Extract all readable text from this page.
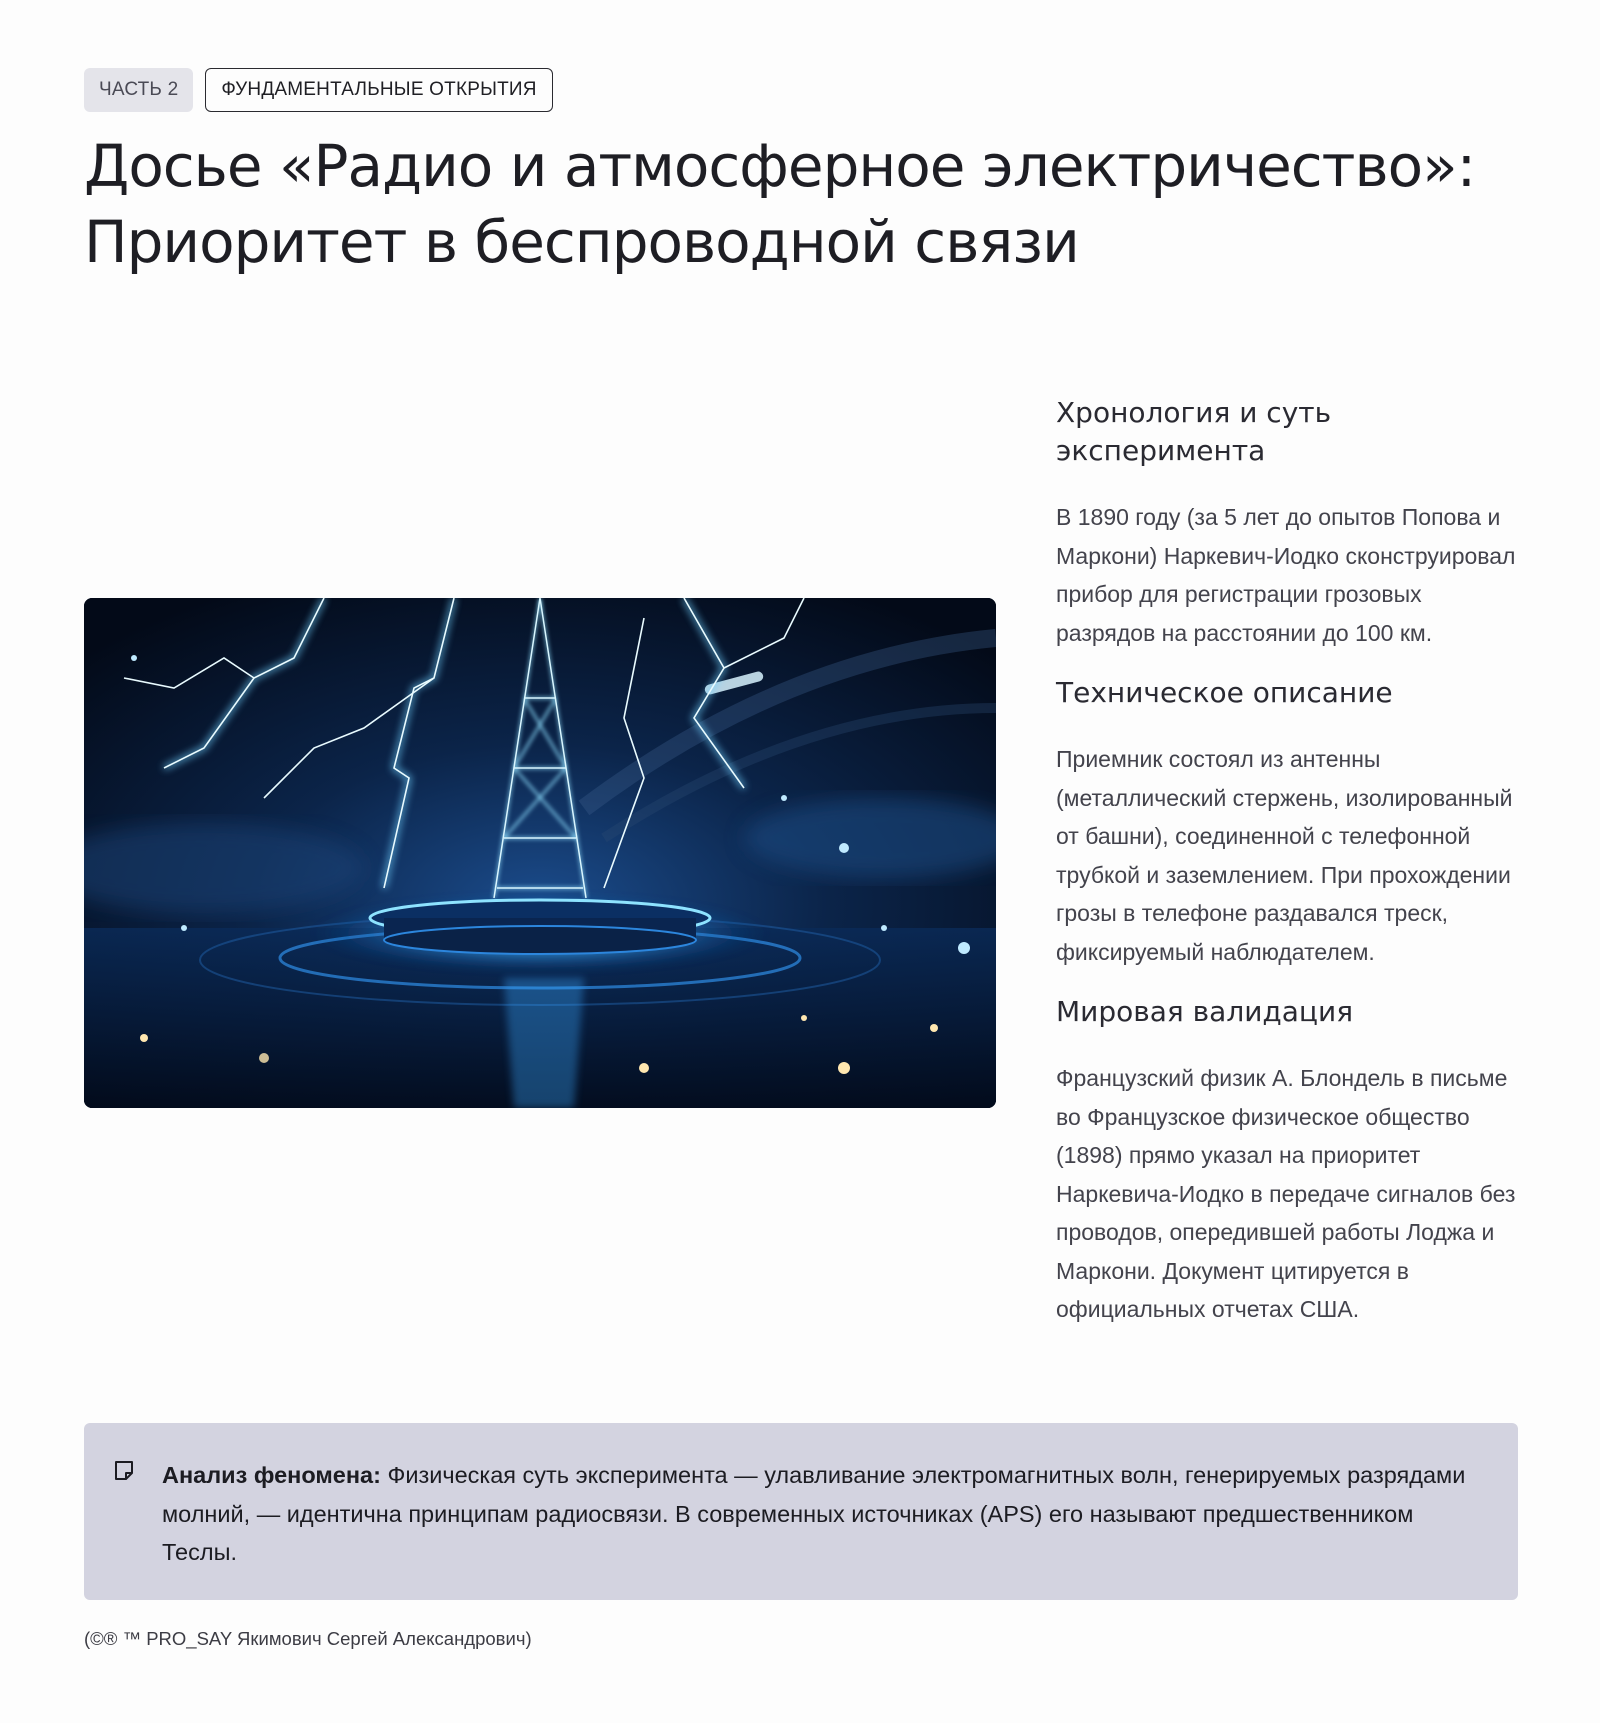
ЧАСТЬ 2	ФУНДАМЕНТАЛЬНЫЕ ОТКРЫТИЯ
Досье «Радио и атмосферное электричество»:
Приоритет в беспроводной связи
Хронология и суть эксперимента

В 1890 году (за 5 лет до опытов Попова и Маркони) Наркевич-Иодко сконструировал прибор для регистрации грозовых разрядов на расстоянии до 100 км.

Техническое описание

Приемник состоял из антенны (металлический стержень, изолированный от башни), соединенной с телефонной трубкой и заземлением. При прохождении грозы в телефоне раздавался треск, фиксируемый наблюдателем.

Мировая валидация

Французский физик А. Блондель в письме во Французское физическое общество (1898) прямо указал на приоритет Наркевича-Иодко в передаче сигналов без проводов, опередившей работы Лоджа и Маркони. Документ цитируется в официальных отчетах США.

Анализ феномена: Физическая суть эксперимента — улавливание электромагнитных волн, генерируемых разрядами молний, — идентична принципам радиосвязи. В современных источниках (APS) его называют предшественником Теслы.
(©® ™ PRO_SAY Якимович Сергей Александрович)
